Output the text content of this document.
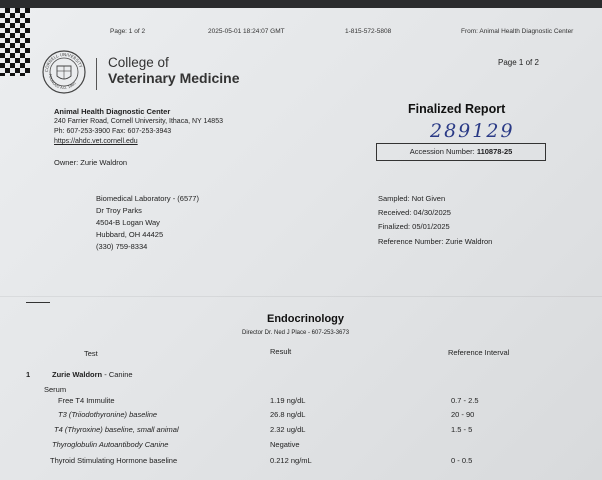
Page: 1 of 2	2025-05-01 18:24:07 GMT	1-815-572-5808	From: Animal Health Diagnostic Center
CORNELL UNIVERSITY
FOUNDED A.D. 1865
College of
Veterinary Medicine
Page 1 of 2
Animal Health Diagnostic Center
240 Farrier Road, Cornell University, Ithaca, NY 14853
Ph: 607-253-3900 Fax: 607-253-3943
https://ahdc.vet.cornell.edu
Owner: Zurie Waldron
Finalized Report
289129
Accession Number: 110878-25
Biomedical Laboratory - (6577)
Dr Troy Parks
4504-B Logan Way
Hubbard, OH 44425
(330) 759-8334
Sampled: Not Given
Received: 04/30/2025
Finalized: 05/01/2025
Reference Number: Zurie Waldron
Endocrinology
Director Dr. Ned J Place - 607-253-3673
Test	Result	Reference Interval
1	Zurie Waldorn - Canine
Serum
Free T4 Immulite	1.19 ng/dL	0.7 - 2.5
T3 (Triiodothyronine) baseline	26.8 ng/dL	20 - 90
T4 (Thyroxine) baseline, small animal	2.32 ug/dL	1.5 - 5
Thyroglobulin Autoantibody Canine	Negative
Thyroid Stimulating Hormone baseline	0.212 ng/mL	0 - 0.5
